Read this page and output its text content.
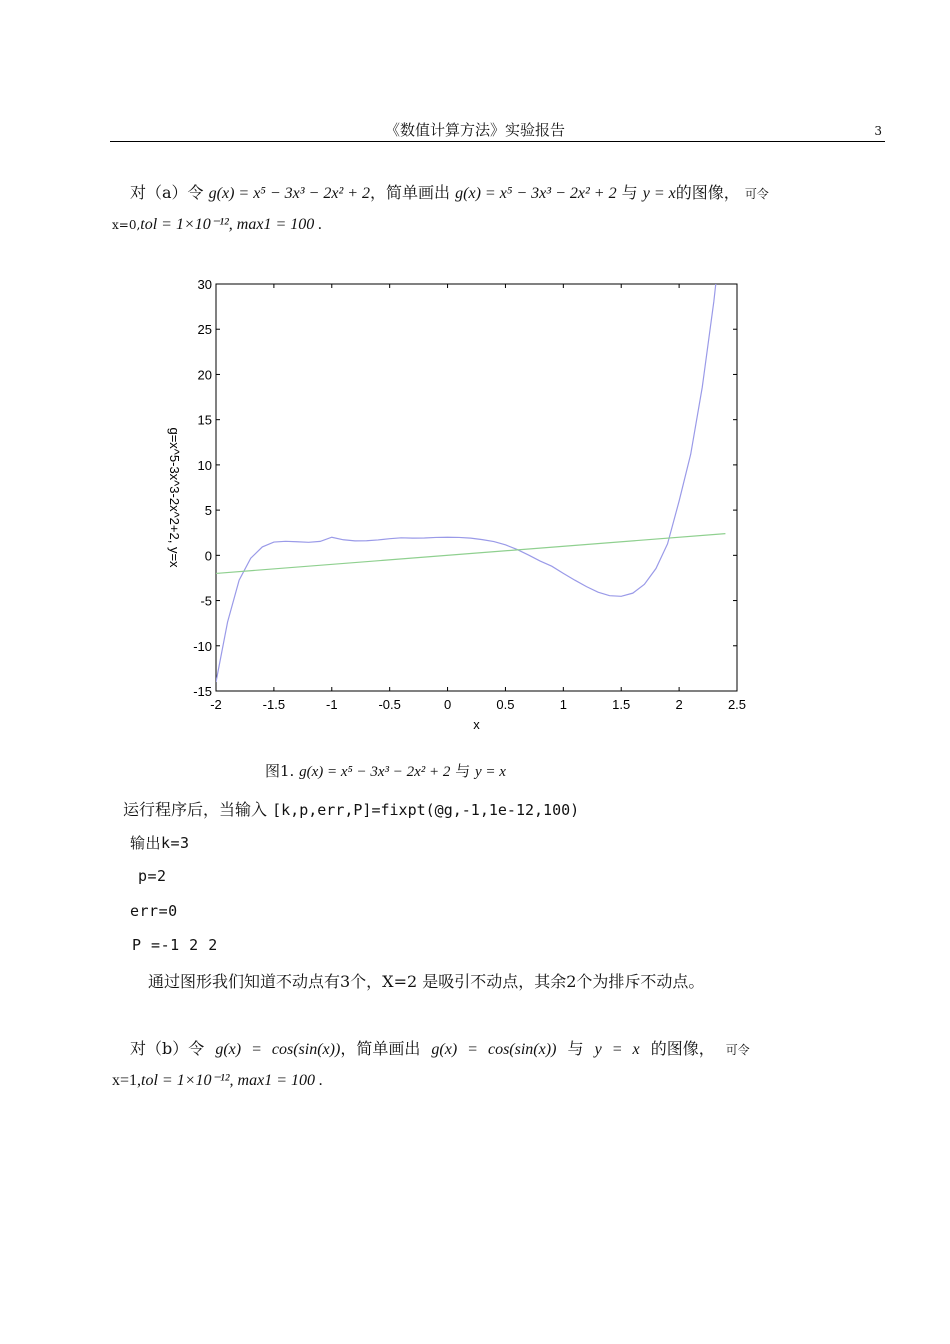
《数值计算方法》实验报告	3
对（a）令 g(x) = x⁵ − 3x³ − 2x² + 2，简单画出 g(x) = x⁵ − 3x³ − 2x² + 2 与 y = x的图像， 可令
x=0,tol = 1×10⁻¹², max1 = 100 .
-2	-1.5	-1	-0.5	0	0.5	1	1.5	2	2.5
30
25
20
15
10
5
0
-5
-10
-15
x
g=x^5-3x^3-2x^2+2, y=x
图1. g(x) = x⁵ − 3x³ − 2x² + 2 与 y = x
运行程序后，当输入 [k,p,err,P]=fixpt(@g,-1,1e-12,100)
输出k=3
p=2
err=0
P =-1 2 2
通过图形我们知道不动点有3个，X=2 是吸引不动点，其余2个为排斥不动点。
对（b）令 g(x) = cos(sin(x))，简单画出 g(x) = cos(sin(x)) 与 y = x 的图像， 可令
x=1,tol = 1×10⁻¹², max1 = 100 .
